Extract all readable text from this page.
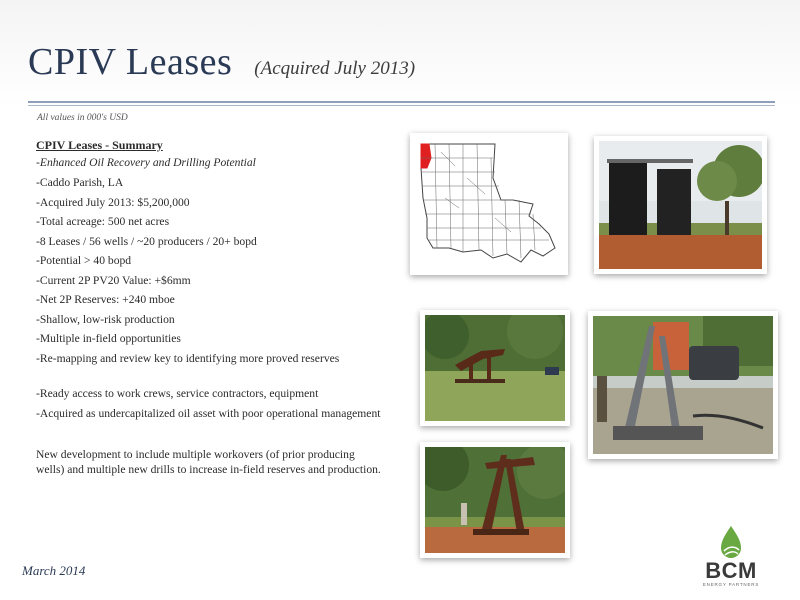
CPIV Leases (Acquired July 2013)
All values in 000's USD
CPIV Leases - Summary
-Enhanced Oil Recovery and Drilling Potential
-Caddo Parish, LA
-Acquired July 2013: $5,200,000
-Total acreage: 500 net acres
-8 Leases / 56 wells / ~20 producers / 20+ bopd
-Potential > 40 bopd
-Current 2P PV20 Value: +$6mm
-Net 2P Reserves: +240 mboe
-Shallow, low-risk production
-Multiple in-field opportunities
-Re-mapping and review key to identifying more proved reserves
-Ready access to work crews, service contractors, equipment
-Acquired as undercapitalized oil asset with poor operational management
New development to include multiple workovers (of prior producing wells) and multiple new drills to increase in-field reserves and production.
March 2014	BCM
ENERGY PARTNERS
